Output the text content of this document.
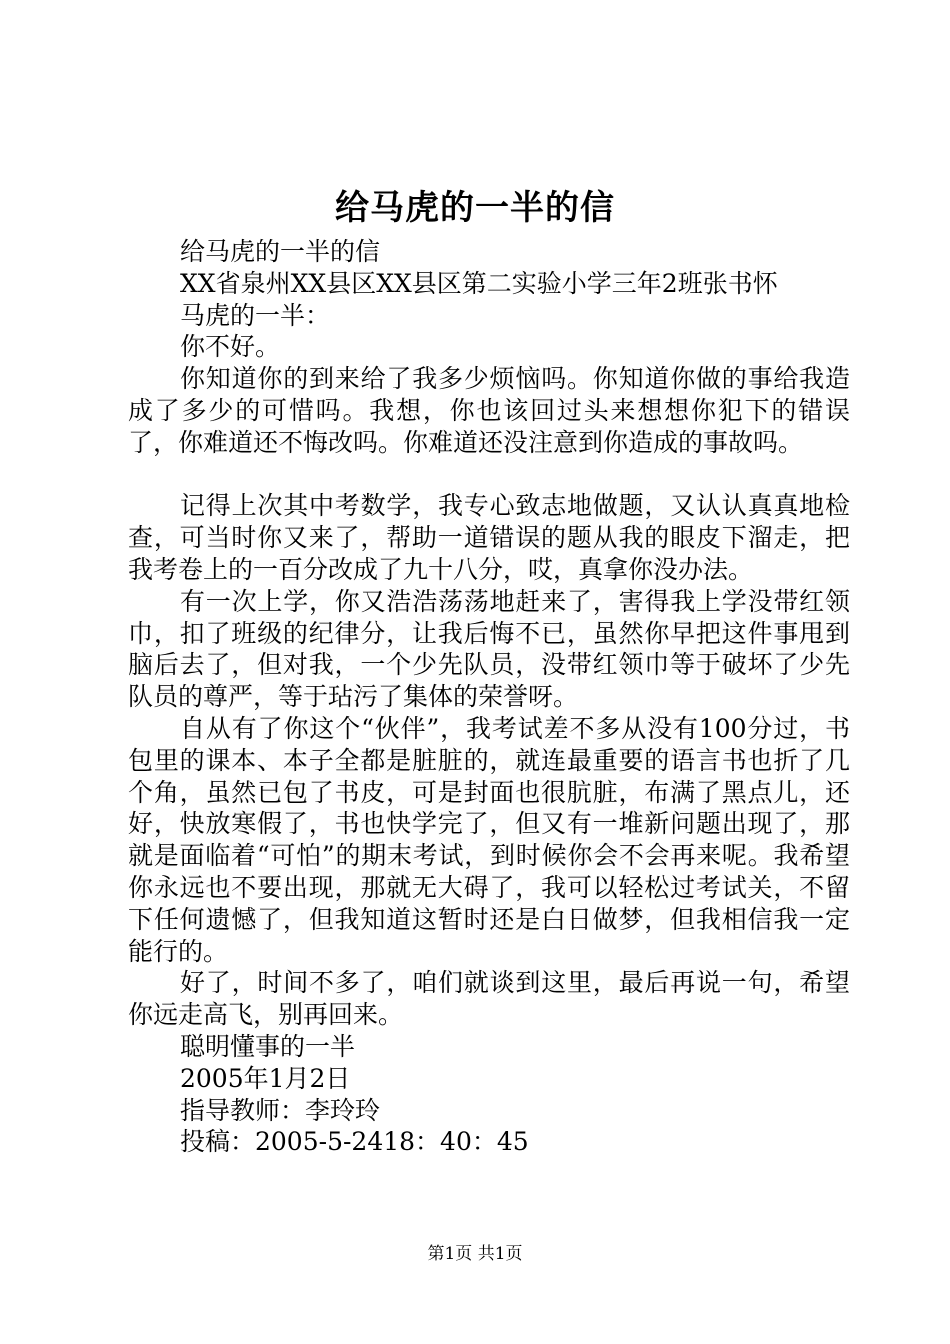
给马虎的一半的信

给马虎的一半的信

XX省泉州XX县区XX县区第二实验小学三年2班张书怀

马虎的一半：

你不好。

你知道你的到来给了我多少烦恼吗。你知道你做的事给我造成了多少的可惜吗。我想，你也该回过头来想想你犯下的错误了，你难道还不悔改吗。你难道还没注意到你造成的事故吗。

记得上次其中考数学，我专心致志地做题，又认认真真地检查，可当时你又来了，帮助一道错误的题从我的眼皮下溜走，把我考卷上的一百分改成了九十八分，哎，真拿你没办法。

有一次上学，你又浩浩荡荡地赶来了，害得我上学没带红领巾，扣了班级的纪律分，让我后悔不已，虽然你早把这件事甩到脑后去了，但对我，一个少先队员，没带红领巾等于破坏了少先队员的尊严，等于玷污了集体的荣誉呀。

自从有了你这个“伙伴”，我考试差不多从没有100分过，书包里的课本、本子全都是脏脏的，就连最重要的语言书也折了几个角，虽然已包了书皮，可是封面也很肮脏，布满了黑点儿，还好，快放寒假了，书也快学完了，但又有一堆新问题出现了，那就是面临着“可怕”的期末考试，到时候你会不会再来呢。我希望你永远也不要出现，那就无大碍了，我可以轻松过考试关，不留下任何遗憾了，但我知道这暂时还是白日做梦，但我相信我一定能行的。

好了，时间不多了，咱们就谈到这里，最后再说一句，希望你远走高飞，别再回来。

聪明懂事的一半

2005年1月2日

指导教师：李玲玲

投稿：2005-5-2418：40：45

第1页 共1页
